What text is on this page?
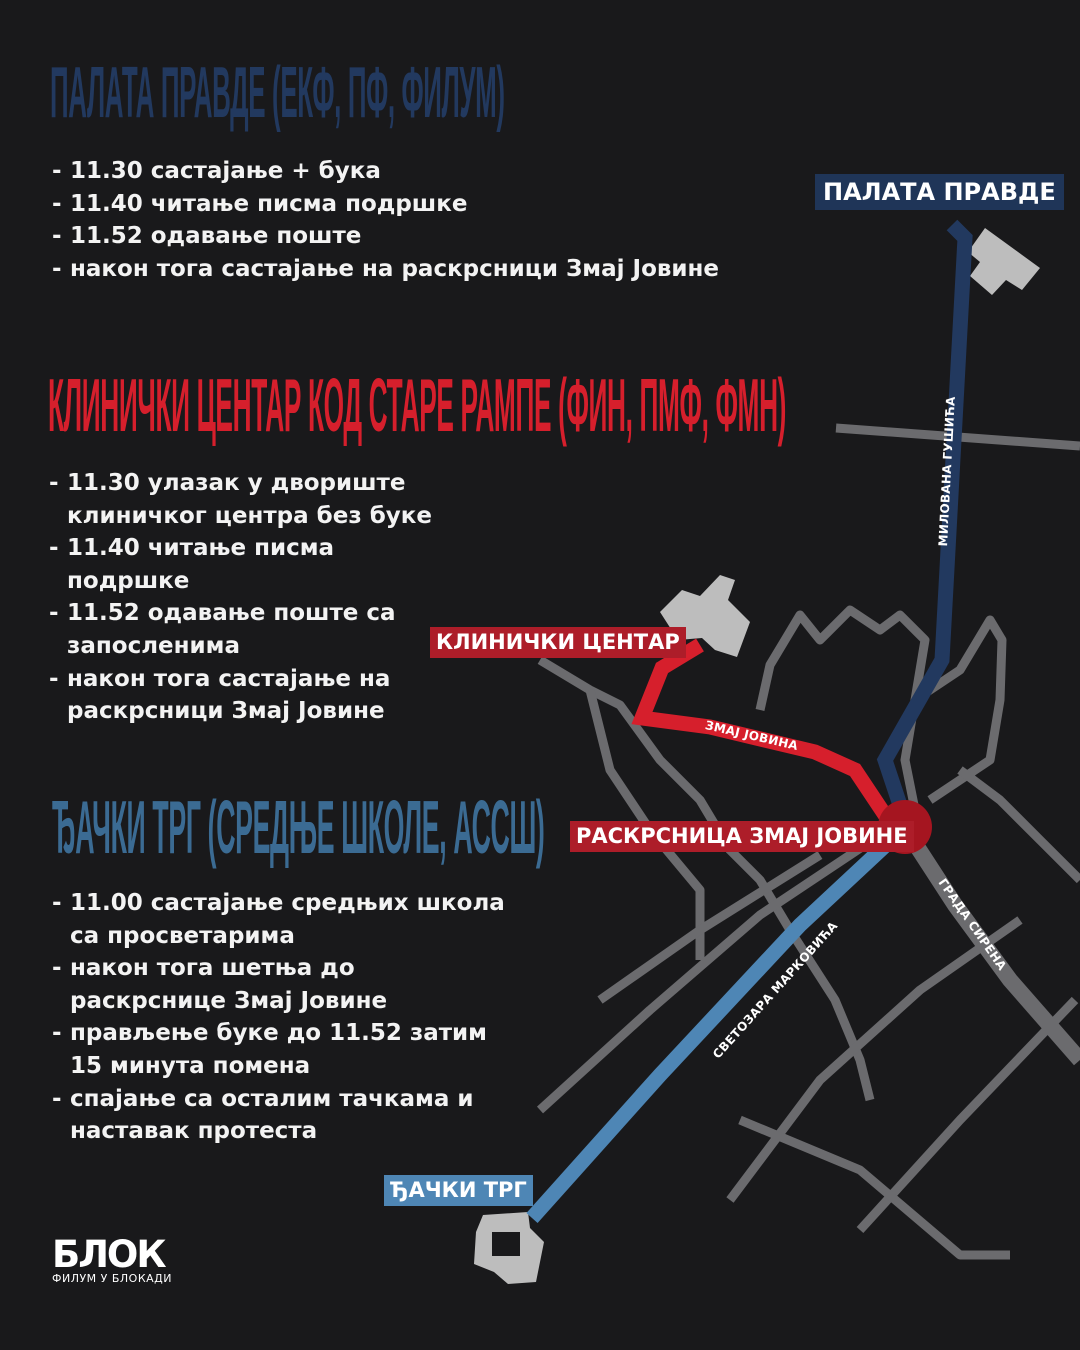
ПАЛАТА ПРАВДЕ (ЕКФ, ПФ, ФИЛУМ)
- 11.30 састајање + бука
- 11.40 читање писма подршке
- 11.52 одавање поште
- након тога састајање на раскрсници Змај Јовине
КЛИНИЧКИ ЦЕНТАР КОД СТАРЕ РАМПЕ (ФИН, ПМФ, ФМН)
- 11.30 улазак у двориште клиничког центра без буке
- 11.40 читање писма подршке
- 11.52 одавање поште са запосленима
- након тога састајање на раскрсници Змај Јовине
ЂАЧКИ ТРГ (СРЕДЊЕ ШКОЛЕ, АССШ)
- 11.00 састајање средњих школа са просветарима
- након тога шетња до раскрснице Змај Јовине
- прављење буке до 11.52 затим 15 минута помена
- спајање са осталим тачкама и наставак протеста
ПАЛАТА ПРАВДЕ
КЛИНИЧКИ ЦЕНТАР
РАСКРСНИЦА ЗМАЈ ЈОВИНЕ
ЂАЧКИ ТРГ
МИЛОВАНА ГУШИЋА
ЗМАЈ ЈОВИНА
ГРАДА СИРЕНА
СВЕТОЗАРА МАРКОВИЋА
БЛОК
ФИЛУМ У БЛОКАДИ
